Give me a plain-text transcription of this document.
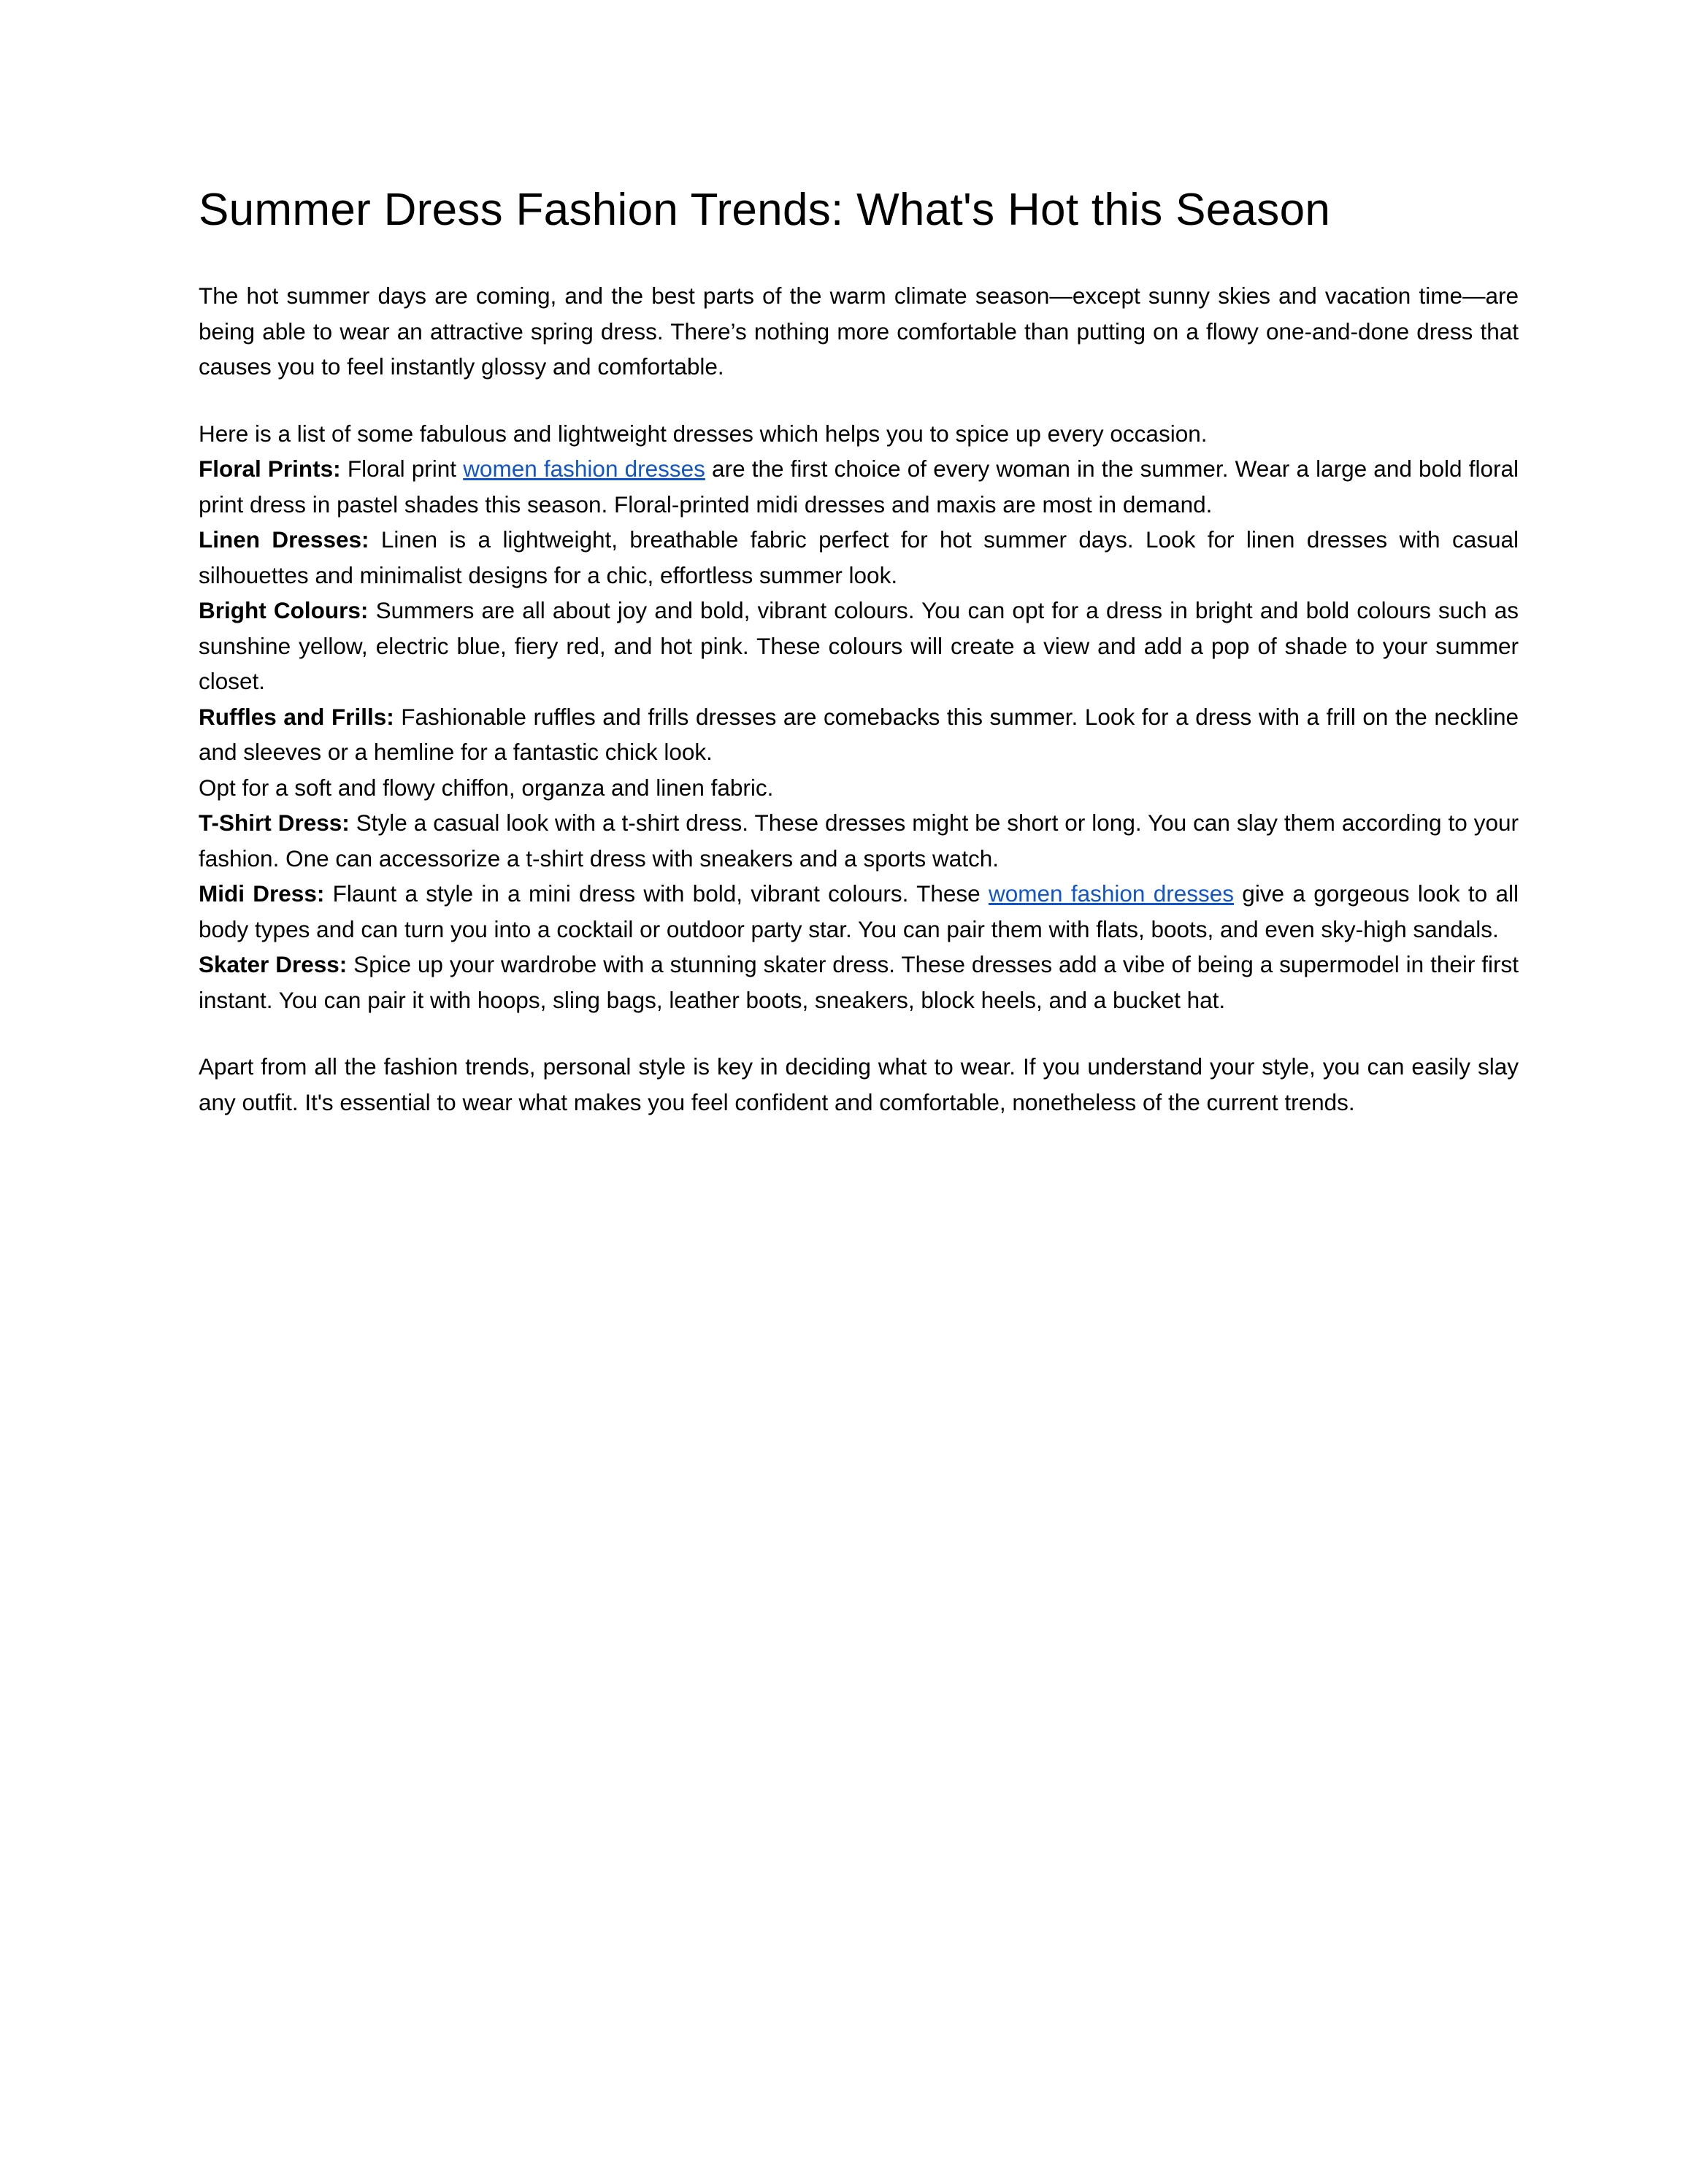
Summer Dress Fashion Trends: What's Hot this Season

The hot summer days are coming, and the best parts of the warm climate season—except sunny skies and vacation time—are being able to wear an attractive spring dress. There’s nothing more comfortable than putting on a flowy one-and-done dress that causes you to feel instantly glossy and comfortable.

Here is a list of some fabulous and lightweight dresses which helps you to spice up every occasion.

Floral Prints: Floral print women fashion dresses are the first choice of every woman in the summer. Wear a large and bold floral print dress in pastel shades this season. Floral-printed midi dresses and maxis are most in demand.

Linen Dresses: Linen is a lightweight, breathable fabric perfect for hot summer days. Look for linen dresses with casual silhouettes and minimalist designs for a chic, effortless summer look.

Bright Colours: Summers are all about joy and bold, vibrant colours. You can opt for a dress in bright and bold colours such as sunshine yellow, electric blue, fiery red, and hot pink. These colours will create a view and add a pop of shade to your summer closet.

Ruffles and Frills: Fashionable ruffles and frills dresses are comebacks this summer. Look for a dress with a frill on the neckline and sleeves or a hemline for a fantastic chick look.

Opt for a soft and flowy chiffon, organza and linen fabric.

T-Shirt Dress: Style a casual look with a t-shirt dress. These dresses might be short or long. You can slay them according to your fashion. One can accessorize a t-shirt dress with sneakers and a sports watch.

Midi Dress: Flaunt a style in a mini dress with bold, vibrant colours. These women fashion dresses give a gorgeous look to all body types and can turn you into a cocktail or outdoor party star. You can pair them with flats, boots, and even sky-high sandals.

Skater Dress: Spice up your wardrobe with a stunning skater dress. These dresses add a vibe of being a supermodel in their first instant. You can pair it with hoops, sling bags, leather boots, sneakers, block heels, and a bucket hat.

Apart from all the fashion trends, personal style is key in deciding what to wear. If you understand your style, you can easily slay any outfit. It's essential to wear what makes you feel confident and comfortable, nonetheless of the current trends.
